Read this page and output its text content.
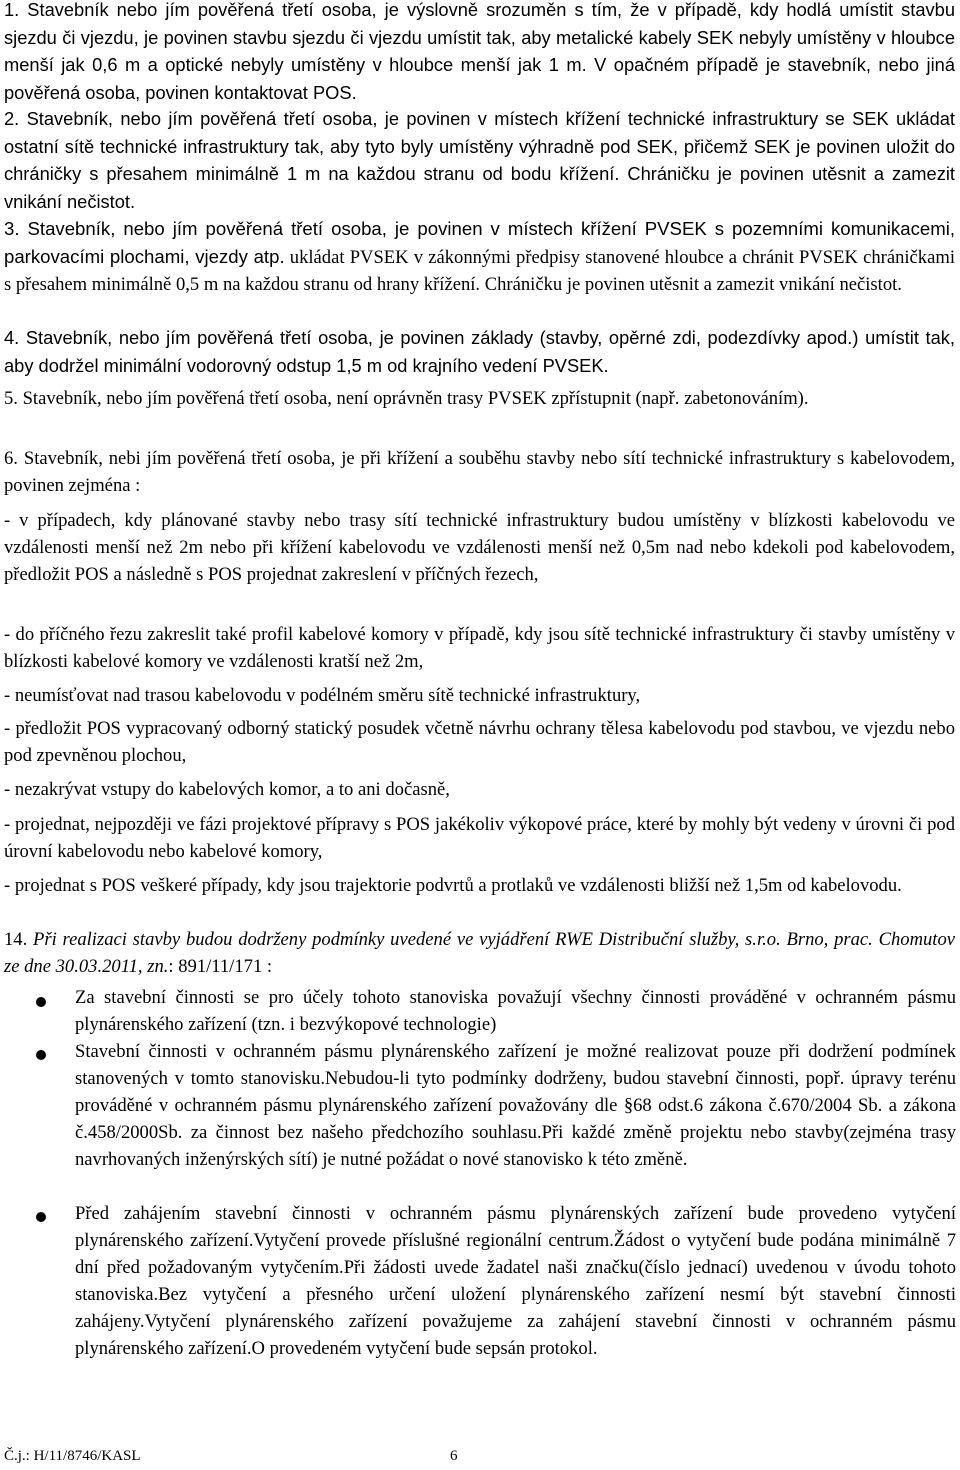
1. Stavebník nebo jím pověřená třetí osoba, je výslovně srozuměn s tím, že v případě, kdy hodlá umístit stavbu sjezdu či vjezdu, je povinen stavbu sjezdu či vjezdu umístit tak, aby metalické kabely SEK nebyly umístěny v hloubce menší jak 0,6 m a optické nebyly umístěny v hloubce menší jak 1 m. V opačném případě je stavebník, nebo jiná pověřená osoba, povinen kontaktovat POS.

2. Stavebník, nebo jím pověřená třetí osoba, je povinen v místech křížení technické infrastruktury se SEK ukládat ostatní sítě technické infrastruktury tak, aby tyto byly umístěny výhradně pod SEK, přičemž SEK je povinen uložit do chráničky s přesahem minimálně 1 m na každou stranu od bodu křížení. Chráničku je povinen utěsnit a zamezit vnikání nečistot.

3. Stavebník, nebo jím pověřená třetí osoba, je povinen v místech křížení PVSEK s pozemními komunikacemi, parkovacími plochami, vjezdy atp. ukládat PVSEK v zákonnými předpisy stanovené hloubce a chránit PVSEK chráničkami s přesahem minimálně 0,5 m na každou stranu od hrany křížení. Chráničku je povinen utěsnit a zamezit vnikání nečistot.

4. Stavebník, nebo jím pověřená třetí osoba, je povinen základy (stavby, opěrné zdi, podezdívky apod.) umístit tak, aby dodržel minimální vodorovný odstup 1,5 m od krajního vedení PVSEK.

5. Stavebník, nebo jím pověřená třetí osoba, není oprávněn trasy PVSEK zpřístupnit (např. zabetonováním).

6. Stavebník, nebi jím pověřená třetí osoba, je při křížení a souběhu stavby nebo sítí technické infrastruktury s kabelovodem, povinen zejména :

- v případech, kdy plánované stavby nebo trasy sítí technické infrastruktury budou umístěny v blízkosti kabelovodu ve vzdálenosti menší než 2m nebo při křížení kabelovodu ve vzdálenosti menší než 0,5m nad nebo kdekoli pod kabelovodem, předložit POS a následně s POS projednat zakreslení v příčných řezech,

- do příčného řezu zakreslit také profil kabelové komory v případě, kdy jsou sítě technické infrastruktury či stavby umístěny v blízkosti kabelové komory ve vzdálenosti kratší než 2m,

- neumísťovat nad trasou kabelovodu v podélném směru sítě technické infrastruktury,

- předložit POS vypracovaný odborný statický posudek včetně návrhu ochrany tělesa kabelovodu pod stavbou, ve vjezdu nebo pod zpevněnou plochou,

- nezakrývat vstupy do kabelových komor, a to ani dočasně,

- projednat, nejpozději ve fázi projektové přípravy s POS jakékoliv výkopové práce, které by mohly být vedeny v úrovni či pod úrovní kabelovodu nebo kabelové komory,

- projednat s POS veškeré případy, kdy jsou trajektorie podvrtů a protlaků ve vzdálenosti bližší než 1,5m od kabelovodu.

14. Při realizaci stavby budou dodrženy podmínky uvedené ve vyjádření RWE Distribuční služby, s.r.o. Brno, prac. Chomutov ze dne 30.03.2011, zn.: 891/11/171 :

Za stavební činnosti se pro účely tohoto stanoviska považují všechny činnosti prováděné v ochranném pásmu plynárenského zařízení (tzn. i bezvýkopové technologie)

Stavební činnosti v ochranném pásmu plynárenského zařízení je možné realizovat pouze při dodržení podmínek stanovených v tomto stanovisku.Nebudou-li tyto podmínky dodrženy, budou stavební činnosti, popř. úpravy terénu prováděné v ochranném pásmu plynárenského zařízení považovány dle §68 odst.6 zákona č.670/2004 Sb. a zákona č.458/2000Sb. za činnost bez našeho předchozího souhlasu.Při každé změně projektu nebo stavby(zejména trasy navrhovaných inženýrských sítí) je nutné požádat o nové stanovisko k této změně.

Před zahájením stavební činnosti v ochranném pásmu plynárenských zařízení bude provedeno vytyčení plynárenského zařízení.Vytyčení provede příslušné regionální centrum.Žádost o vytyčení bude podána minimálně 7 dní před požadovaným vytyčením.Při žádosti uvede žadatel naši značku(číslo jednací) uvedenou v úvodu tohoto stanoviska.Bez vytyčení a přesného určení uložení plynárenského zařízení nesmí být stavební činnosti zahájeny.Vytyčení plynárenského zařízení považujeme za zahájení stavební činnosti v ochranném pásmu plynárenského zařízení.O provedeném vytyčení bude sepsán protokol.

Č.j.: H/11/8746/KASL	6
